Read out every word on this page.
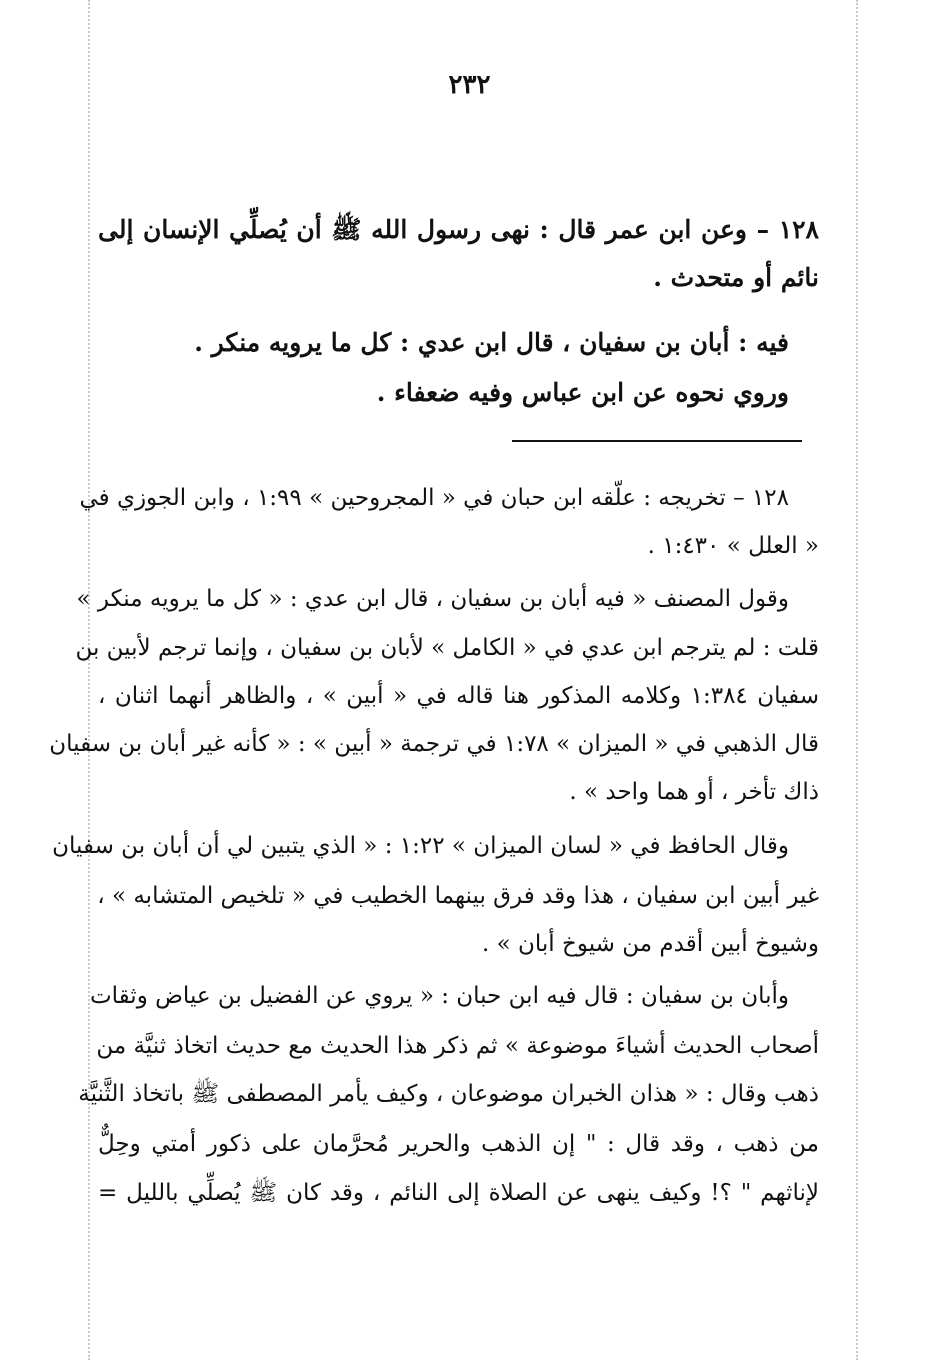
٢٣٢
١٢٨ – وعن ابن عمر قال : نهى رسول الله ﷺ أن يُصلِّي الإنسان إلى
نائم أو متحدث .
فيه : أبان بن سفيان ، قال ابن عدي : كل ما يرويه منكر .
وروي نحوه عن ابن عباس وفيه ضعفاء .
١٢٨ – تخريجه : علّقه ابن حبان في « المجروحين » ١:٩٩ ، وابن الجوزي في
« العلل » ١:٤٣٠ .
وقول المصنف « فيه أبان بن سفيان ، قال ابن عدي : « كل ما يرويه منكر »
قلت : لم يترجم ابن عدي في « الكامل » لأبان بن سفيان ، وإنما ترجم لأبين بن
سفيان ١:٣٨٤ وكلامه المذكور هنا قاله في « أبين » ، والظاهر أنهما اثنان ،
قال الذهبي في « الميزان » ١:٧٨ في ترجمة « أبين » : « كأنه غير أبان بن سفيان
ذاك تأخر ، أو هما واحد » .
وقال الحافظ في « لسان الميزان » ١:٢٢ : « الذي يتبين لي أن أبان بن سفيان
غير أبين ابن سفيان ، هذا وقد فرق بينهما الخطيب في « تلخيص المتشابه » ،
وشيوخ أبين أقدم من شيوخ أبان » .
وأبان بن سفيان : قال فيه ابن حبان : « يروي عن الفضيل بن عياض وثقات
أصحاب الحديث أشياءَ موضوعة » ثم ذكر هذا الحديث مع حديث اتخاذ ثنيَّة من
ذهب وقال : « هذان الخبران موضوعان ، وكيف يأمر المصطفى ﷺ باتخاذ الثَّنيَّة
من ذهب ، وقد قال : " إن الذهب والحرير مُحرَّمان على ذكور أمتي وحِلٌّ
لإناثهم " ؟! وكيف ينهى عن الصلاة إلى النائم ، وقد كان ﷺ يُصلِّي بالليل =
